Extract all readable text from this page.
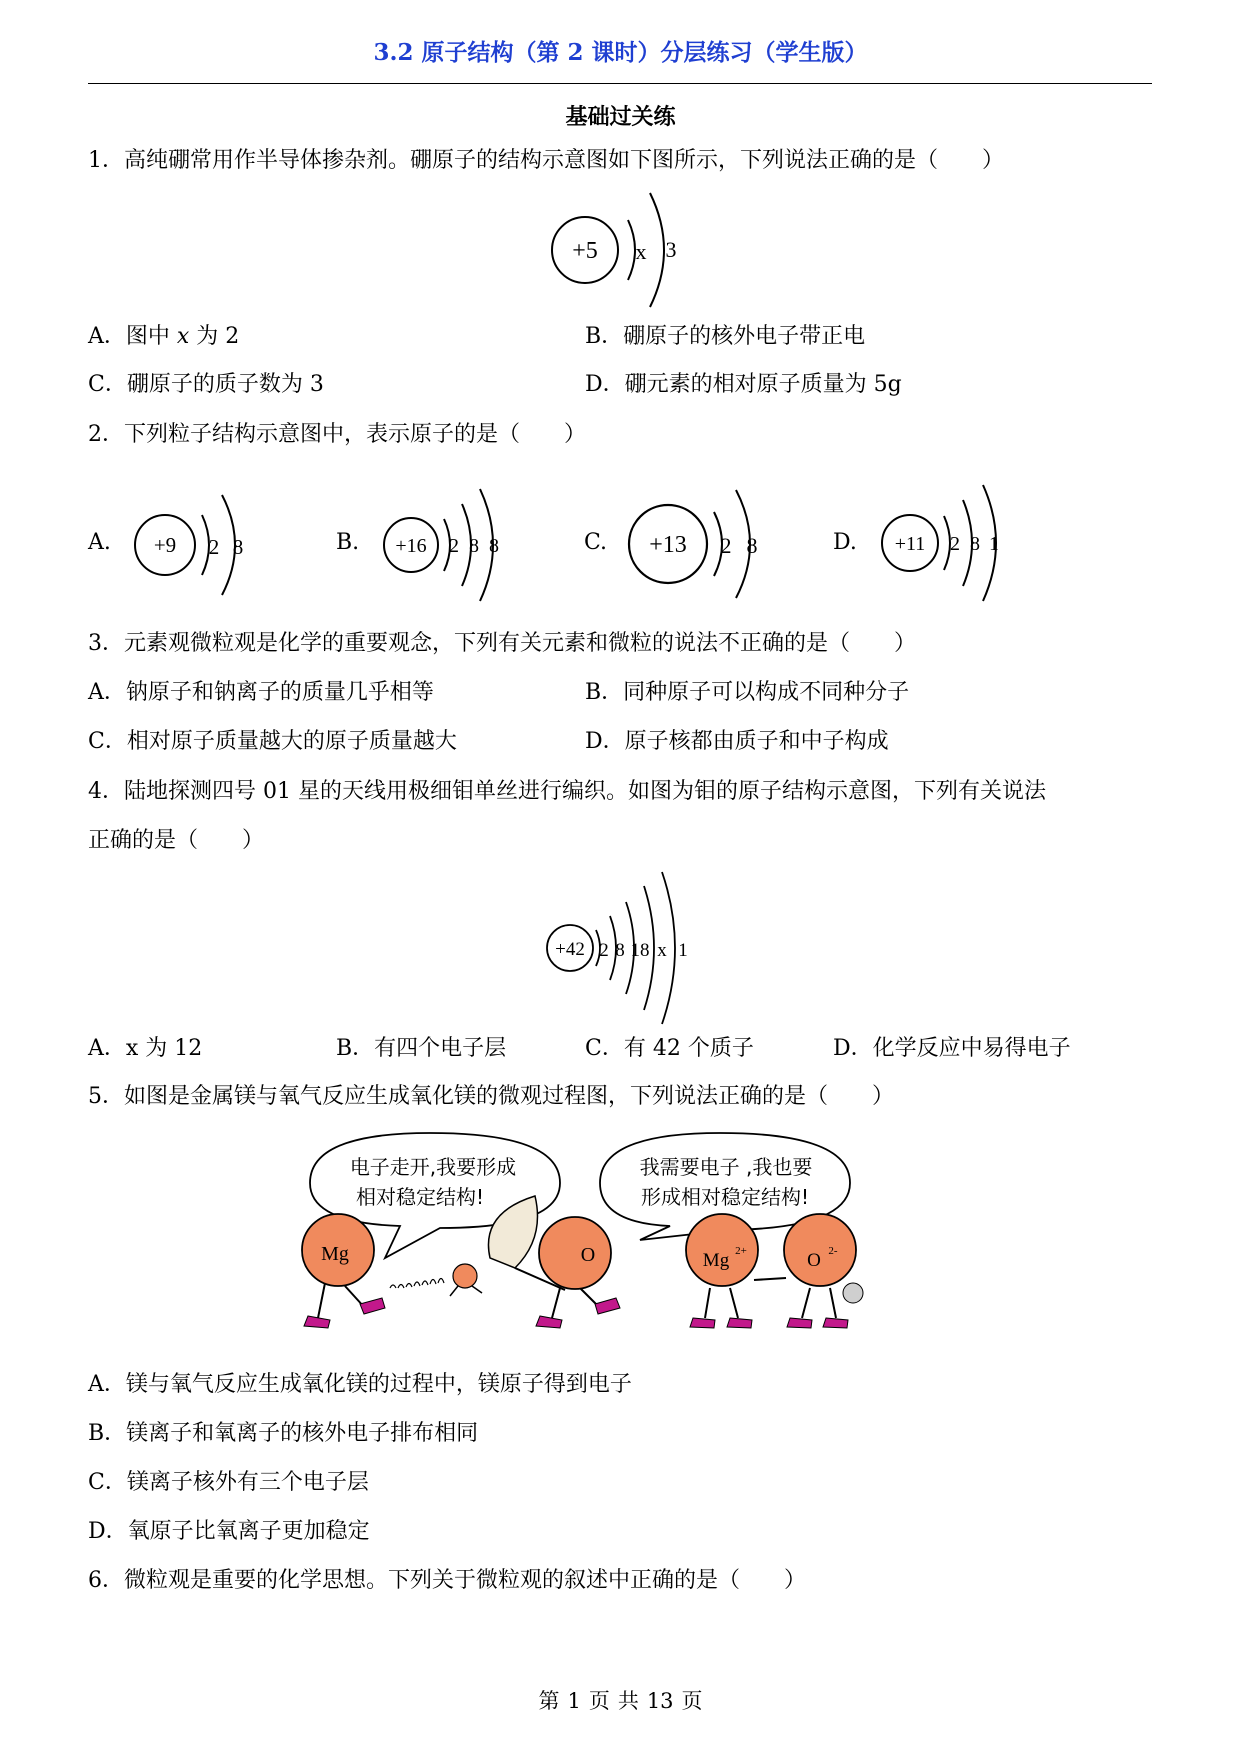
3.2 原子结构（第 2 课时）分层练习（学生版）
基础过关练
1．高纯硼常用作半导体掺杂剂。硼原子的结构示意图如下图所示，下列说法正确的是（　　）
+5 x 3
A．图中 x 为 2	B．硼原子的核外电子带正电
C．硼原子的质子数为 3	D．硼元素的相对原子质量为 5g
2．下列粒子结构示意图中，表示原子的是（　　）
A. +9 2 8	B. +16 2 8 8	C. +13 2 8	D. +11 2 8 1
3．元素观微粒观是化学的重要观念，下列有关元素和微粒的说法不正确的是（　　）
A．钠原子和钠离子的质量几乎相等	B．同种原子可以构成不同种分子
C．相对原子质量越大的原子质量越大	D．原子核都由质子和中子构成
4．陆地探测四号 01 星的天线用极细钼单丝进行编织。如图为钼的原子结构示意图，下列有关说法
正确的是（　　）
+42 2 8 18 x 1
A．x 为 12	B．有四个电子层	C．有 42 个质子	D．化学反应中易得电子
5．如图是金属镁与氧气反应生成氧化镁的微观过程图，下列说法正确的是（　　）
电子走开,我要形成
相对稳定结构!
我需要电子 ,我也要
形成相对稳定结构!
Mg	O	Mg 2+	O 2-
A．镁与氧气反应生成氧化镁的过程中，镁原子得到电子
B．镁离子和氧离子的核外电子排布相同
C．镁离子核外有三个电子层
D．氧原子比氧离子更加稳定
6．微粒观是重要的化学思想。下列关于微粒观的叙述中正确的是（　　）
第 1 页 共 13 页
